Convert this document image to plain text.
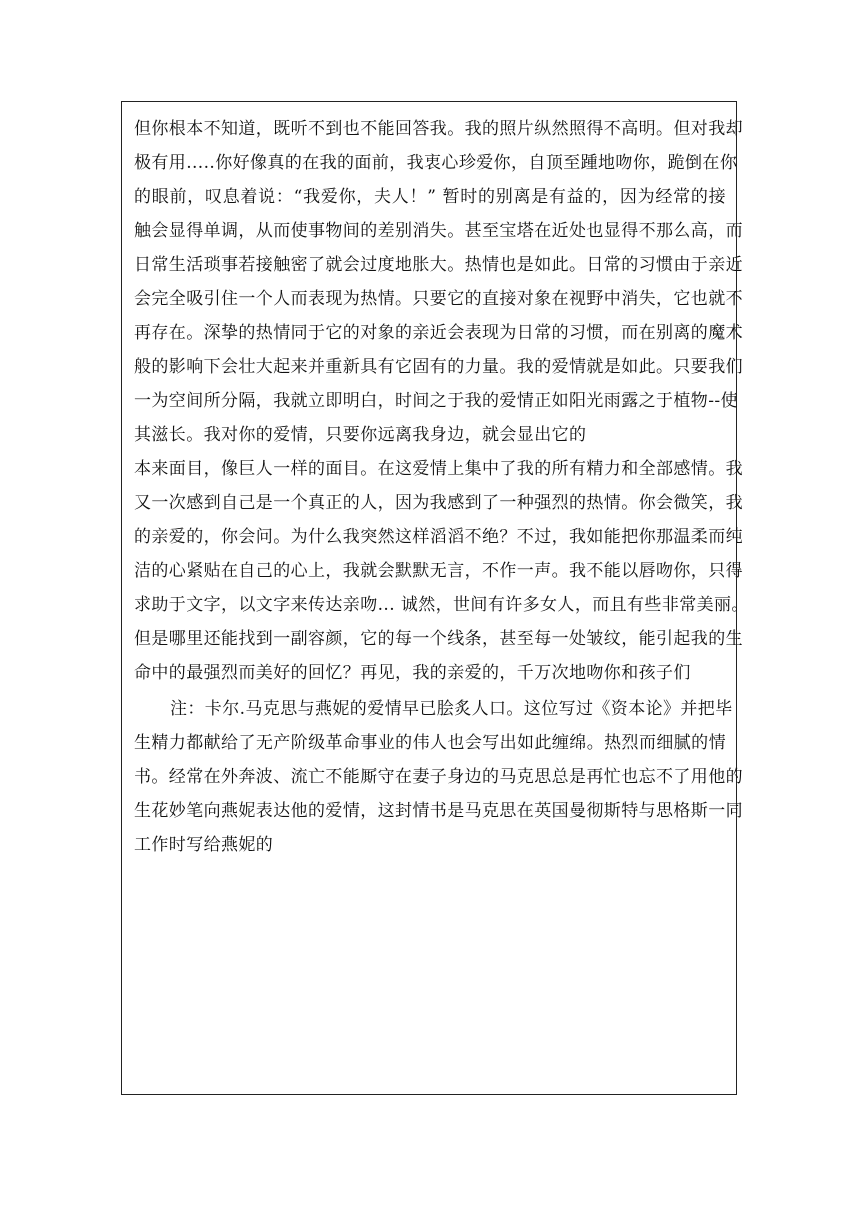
但你根本不知道，既听不到也不能回答我。我的照片纵然照得不高明。但对我却
极有用.....你好像真的在我的面前，我衷心珍爱你，自顶至踵地吻你，跪倒在你
的眼前，叹息着说：“我爱你，夫人！” 暂时的别离是有益的，因为经常的接
触会显得单调，从而使事物间的差别消失。甚至宝塔在近处也显得不那么高，而
日常生活琐事若接触密了就会过度地胀大。热情也是如此。日常的习惯由于亲近
会完全吸引住一个人而表现为热情。只要它的直接对象在视野中消失，它也就不
再存在。深挚的热情同于它的对象的亲近会表现为日常的习惯，而在别离的魔术
般的影响下会壮大起来并重新具有它固有的力量。我的爱情就是如此。只要我们
一为空间所分隔，我就立即明白，时间之于我的爱情正如阳光雨露之于植物--使
其滋长。我对你的爱情，只要你远离我身边，就会显出它的
本来面目，像巨人一样的面目。在这爱情上集中了我的所有精力和全部感情。我
又一次感到自己是一个真正的人，因为我感到了一种强烈的热情。你会微笑，我
的亲爱的，你会问。为什么我突然这样滔滔不绝？不过，我如能把你那温柔而纯
洁的心紧贴在自己的心上，我就会默默无言，不作一声。我不能以唇吻你，只得
求助于文字，以文字来传达亲吻... 诚然，世间有许多女人，而且有些非常美丽。
但是哪里还能找到一副容颜，它的每一个线条，甚至每一处皱纹，能引起我的生
命中的最强烈而美好的回忆？再见，我的亲爱的，千万次地吻你和孩子们
注：卡尔.马克思与燕妮的爱情早已脍炙人口。这位写过《资本论》并把毕
生精力都献给了无产阶级革命事业的伟人也会写出如此缠绵。热烈而细腻的情
书。经常在外奔波、流亡不能厮守在妻子身边的马克思总是再忙也忘不了用他的
生花妙笔向燕妮表达他的爱情，这封情书是马克思在英国曼彻斯特与思格斯一同
工作时写给燕妮的
